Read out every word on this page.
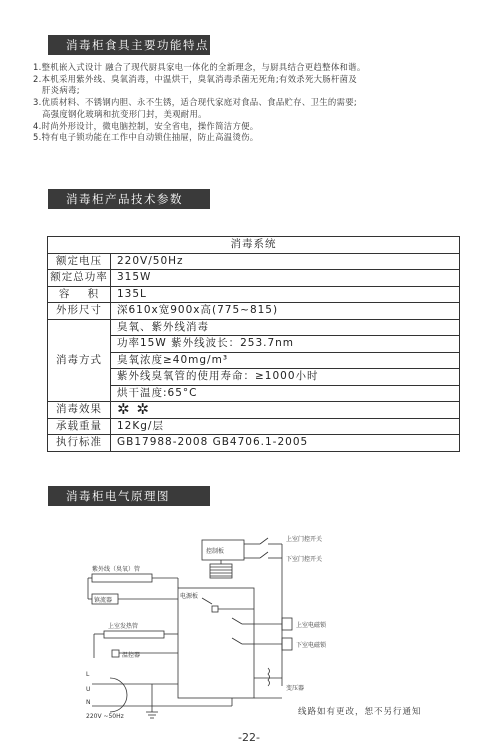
消毒柜食具主要功能特点

1.整机嵌入式设计 融合了现代厨具家电一体化的全新理念，与厨具结合更趋整体和谐。

2.本机采用紫外线、臭氧消毒，中温烘干，臭氧消毒杀菌无死角;有效杀死大肠杆菌及

肝炎病毒;

3.优质材料、不锈钢内胆、永不生锈，适合现代家庭对食品、食品贮存、卫生的需要;

高强度钢化玻璃和抗变形门封，美观耐用。

4.时尚外形设计，微电脑控制，安全省电，操作简洁方便。

5.特有电子锁功能在工作中自动锁住抽屉，防止高温烫伤。

消毒柜产品技术参数
消毒系统	
额定电压	220V/50Hz
额定总功率	315W
容    积	135L
外形尺寸	深610x宽900x高(775~815)
消毒方式	臭氧、紫外线消毒
	功率15W 紫外线波长：253.7nm
	臭氧浓度≥40mg/m³
	紫外线臭氧管的使用寿命：≥1000小时
	烘干温度:65°C
消毒效果	✲ ✲
承载重量	12Kg/层
执行标准	GB17988-2008 GB4706.1-2005
消毒柜电气原理图
控制板
上室门控开关
下室门控开关
紫外线（臭氧）管
镇流器
电源板
上室发热管
温控器
上室电磁锁
下室电磁锁
变压器
L
U
N
220V ~50Hz	线路如有更改，恕不另行通知
-22-
